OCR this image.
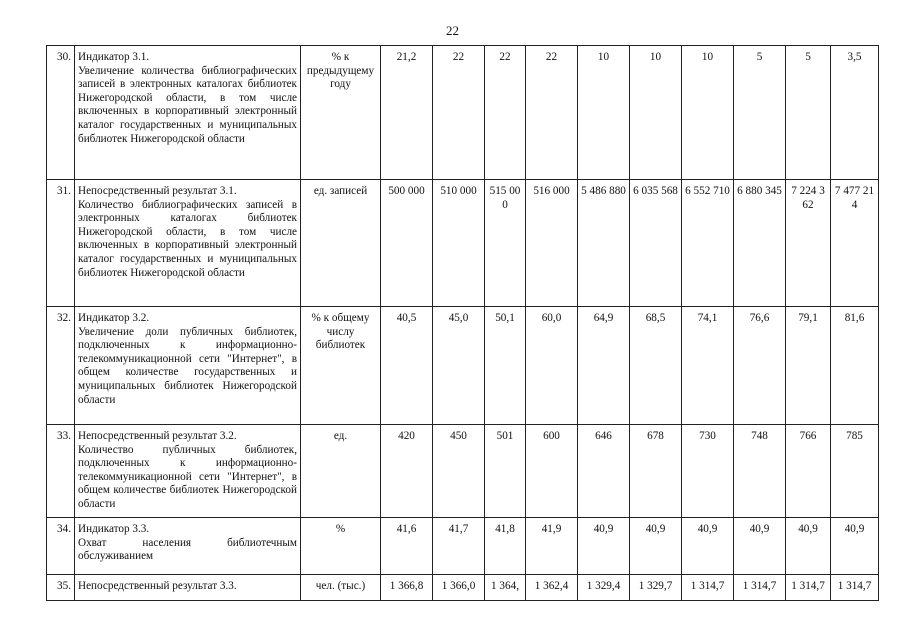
22
30.	Индикатор 3.1.
Увеличение количества библиографических записей в электронных каталогах библиотек Нижегородской области, в том числе включенных в корпоративный электронный каталог государственных и муниципальных библиотек Нижегородской области	% к предыдущему году	21,2	22	22	22	10	10	10	5	5	3,5
31.	Непосредственный результат 3.1.
Количество библиографических записей в электронных каталогах библиотек Нижегородской области, в том числе включенных в корпоративный электронный каталог государственных и муниципальных библиотек Нижегородской области	ед. записей	500 000	510 000	515 000	516 000	5 486 880	6 035 568	6 552 710	6 880 345	7 224 362	7 477 214
32.	Индикатор 3.2.
Увеличение доли публичных библиотек, подключенных к информационно-телекоммуникационной сети "Интернет", в общем количестве государственных и муниципальных библиотек Нижегородской области	% к общему числу библиотек	40,5	45,0	50,1	60,0	64,9	68,5	74,1	76,6	79,1	81,6
33.	Непосредственный результат 3.2.
Количество публичных библиотек, подключенных к информационно-телекоммуникационной сети "Интернет", в общем количестве библиотек Нижегородской области	ед.	420	450	501	600	646	678	730	748	766	785
34.	Индикатор 3.3.
Охват населения библиотечным обслуживанием	%	41,6	41,7	41,8	41,9	40,9	40,9	40,9	40,9	40,9	40,9
35.	Непосредственный результат 3.3.	чел. (тыс.)	1 366,8	1 366,0	1 364,	1 362,4	1 329,4	1 329,7	1 314,7	1 314,7	1 314,7	1 314,7
